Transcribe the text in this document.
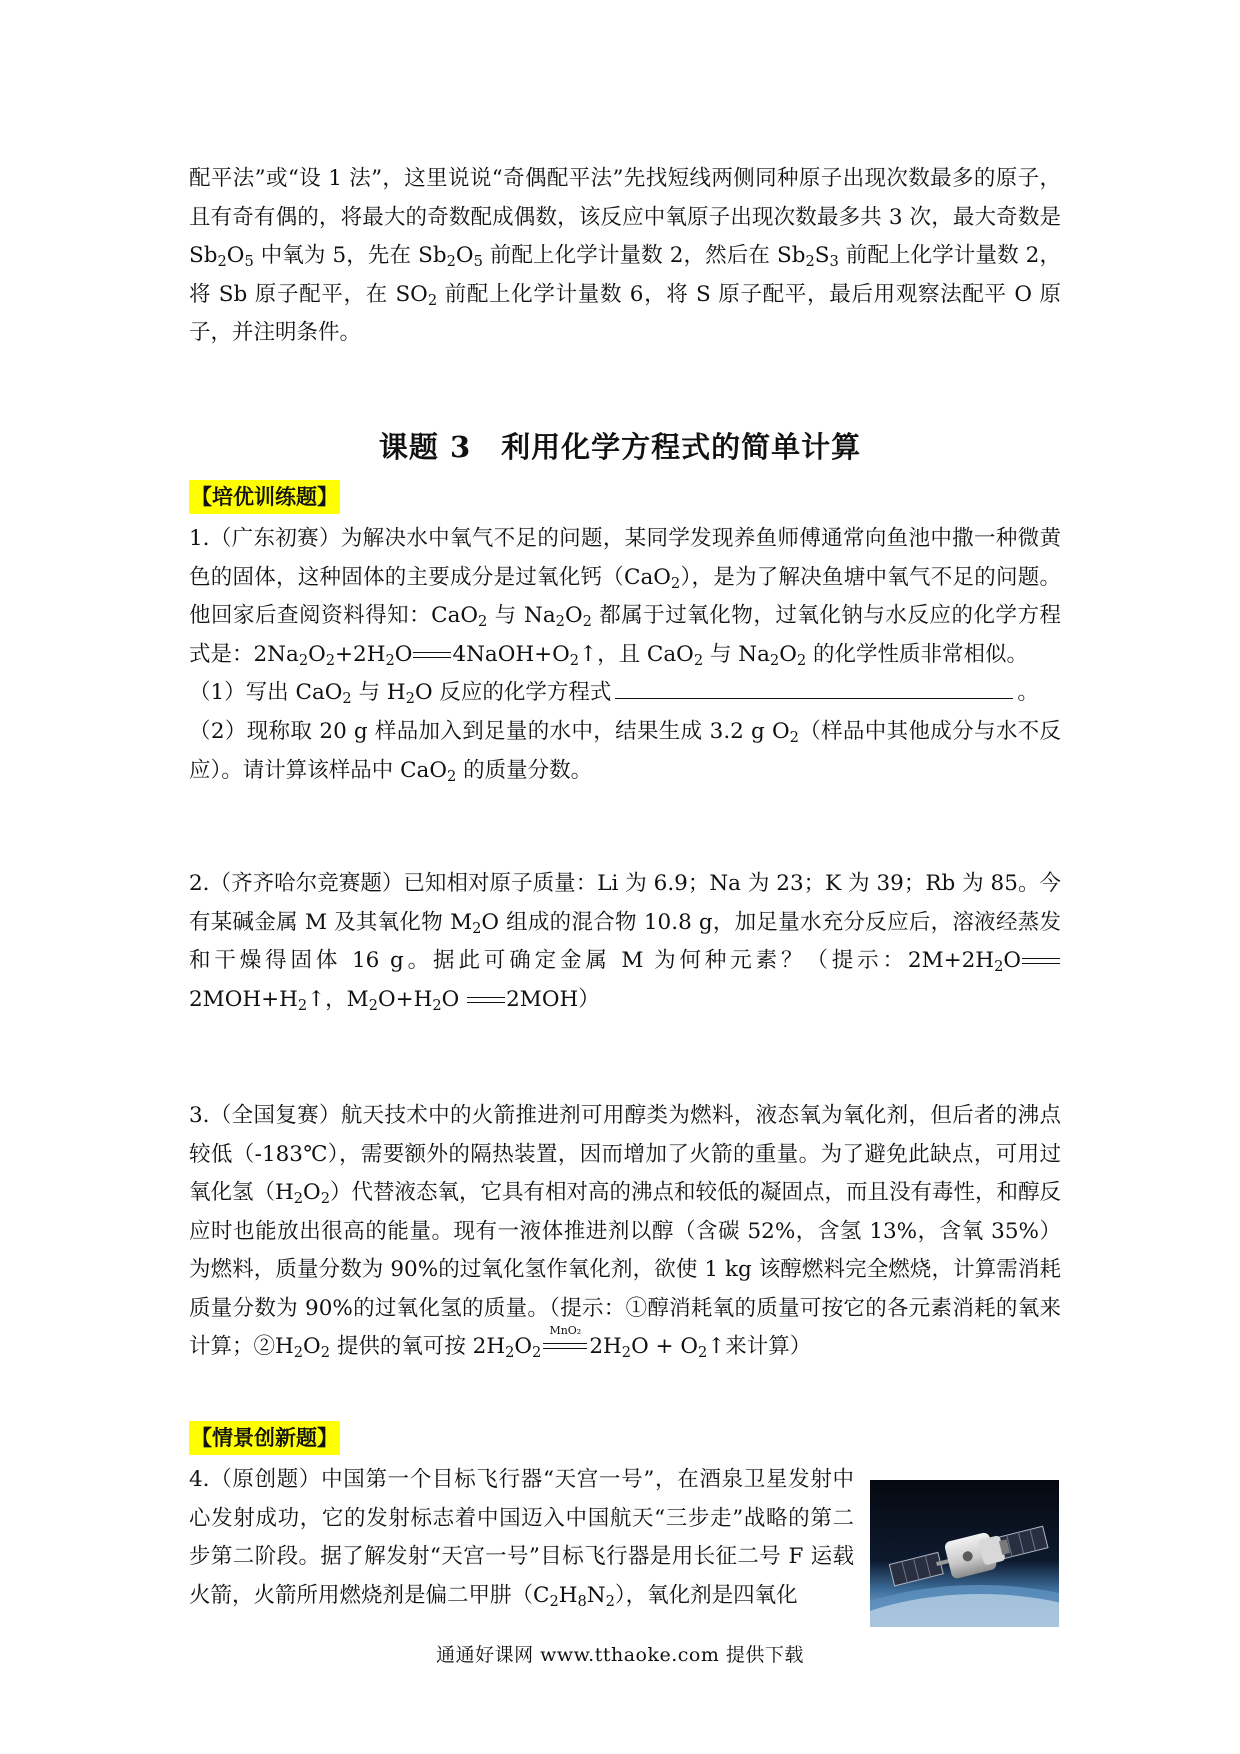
配平法”或“设 1 法”，这里说说“奇偶配平法”先找短线两侧同种原子出现次数最多的原子，且有奇有偶的，将最大的奇数配成偶数，该反应中氧原子出现次数最多共 3 次，最大奇数是 $Sb_2O_5$ 中氧为 5，先在 $Sb_2O_5$ 前配上化学计量数 2，然后在 $Sb_2S_3$ 前配上化学计量数 2，将 Sb 原子配平，在 $SO_2$ 前配上化学计量数 6，将 S 原子配平，最后用观察法配平 O 原子，并注明条件。

课题 3　利用化学方程式的简单计算
【培优训练题】

1.（广东初赛）为解决水中氧气不足的问题，某同学发现养鱼师傅通常向鱼池中撒一种微黄色的固体，这种固体的主要成分是过氧化钙（CaO$_2$），是为了解决鱼塘中氧气不足的问题。他回家后查阅资料得知：CaO$_2$ 与 $Na_2O_2$ 都属于过氧化物，过氧化钠与水反应的化学方程式是：$2Na_2O_2+2H_2O$ $4NaOH+O_2↑$，且 CaO$_2$ 与 $Na_2O_2$ 的化学性质非常相似。

（1）写出 CaO$_2$ 与 $H_2O$ 反应的化学方程式	。

（2）现称取 20 g 样品加入到足量的水中，结果生成 3.2 g $O_2$（样品中其他成分与水不反应）。请计算该样品中 CaO$_2$ 的质量分数。

2.（齐齐哈尔竞赛题）已知相对原子质量：Li 为 6.9；Na 为 23；K 为 39；Rb 为 85。今有某碱金属 M 及其氧化物 $M_2O$ 组成的混合物 10.8 g，加足量水充分反应后，溶液经蒸发和干燥得固体 16 g。据此可确定金属 M 为何种元素？（提示：$2M+2H_2O2MOH+H_2↑$，$M_2O+H_2O$ 2MOH）

3.（全国复赛）航天技术中的火箭推进剂可用醇类为燃料，液态氧为氧化剂，但后者的沸点较低（-183℃），需要额外的隔热装置，因而增加了火箭的重量。为了避免此缺点，可用过氧化氢$(H_2O_2)$代替液态氧，它具有相对高的沸点和较低的凝固点，而且没有毒性，和醇反应时也能放出很高的能量。现有一液体推进剂以醇（含碳 52%，含氢 13%，含氧 35%）为燃料，质量分数为 90%的过氧化氢作氧化剂，欲使 1 kg 该醇燃料完全燃烧，计算需消耗质量分数为 90%的过氧化氢的质量。（提示：①醇消耗氧的质量可按它的各元素消耗的氧来计算；$②H_2O_2$ 提供的氧可按 $2H_2O_2$
MnO₂
$2H_2O$ + $O_2↑$来计算）

【情景创新题】

4.（原创题）中国第一个目标飞行器“天宫一号”，在酒泉卫星发射中心发射成功，它的发射标志着中国迈入中国航天“三步走”战略的第二步第二阶段。据了解发射“天宫一号”目标飞行器是用长征二号 F 运载火箭，火箭所用燃烧剂是偏二甲肼$(C_2H_8N_2)$，氧化剂是四氧化

通通好课网 www.tthaoke.com 提供下载
